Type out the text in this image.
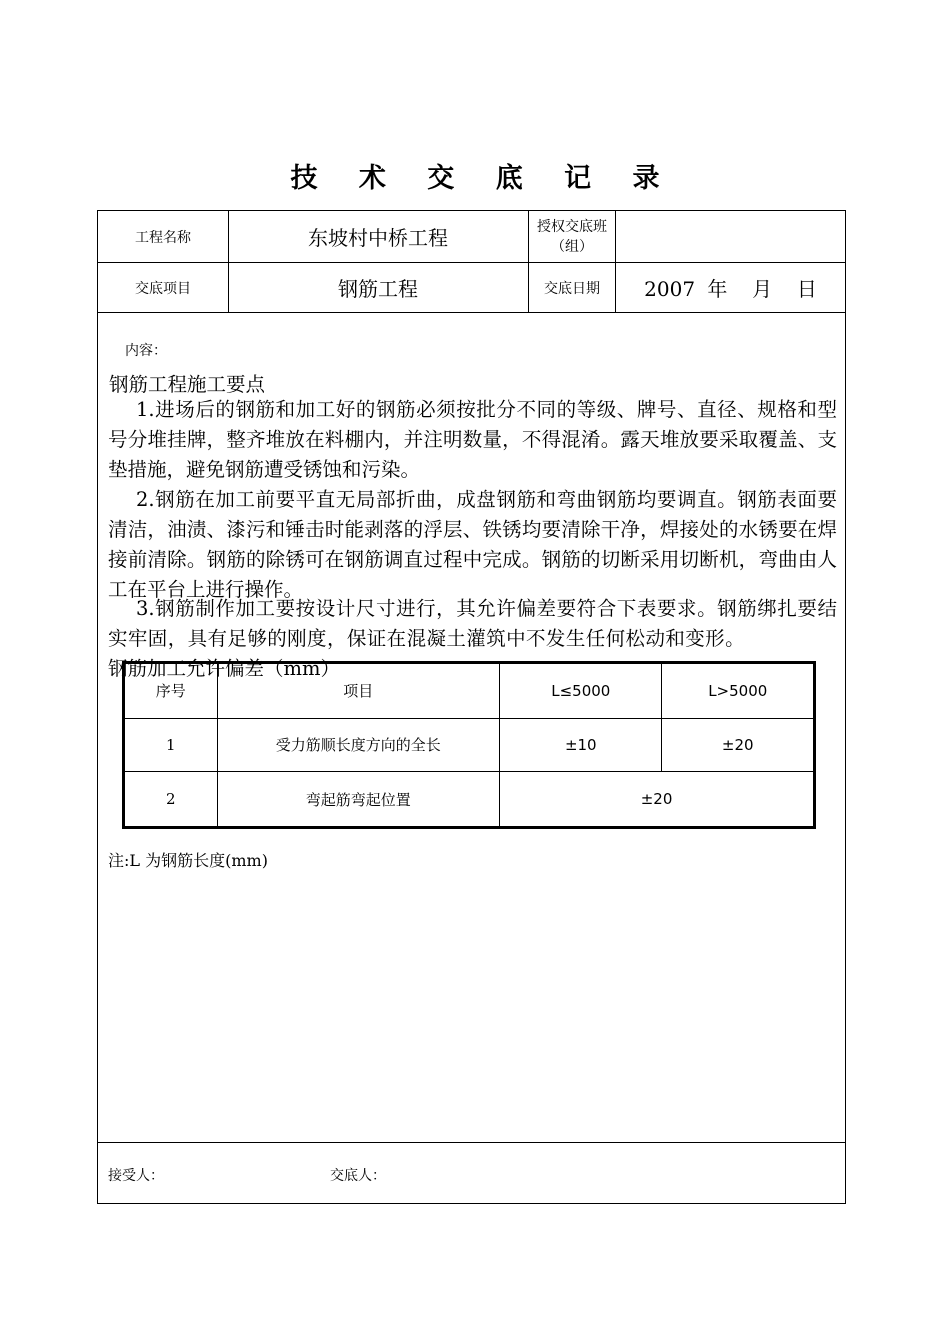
技 术 交 底 记 录
工程名称	东坡村中桥工程	授权交底班（组）
交底项目	钢筋工程	交底日期	2007 年  月  日
内容：
钢筋工程施工要点

1.进场后的钢筋和加工好的钢筋必须按批分不同的等级、牌号、直径、规格和型号分堆挂牌，整齐堆放在料棚内，并注明数量，不得混淆。露天堆放要采取覆盖、支垫措施，避免钢筋遭受锈蚀和污染。

2.钢筋在加工前要平直无局部折曲，成盘钢筋和弯曲钢筋均要调直。钢筋表面要清洁，油渍、漆污和锤击时能剥落的浮层、铁锈均要清除干净，焊接处的水锈要在焊接前清除。钢筋的除锈可在钢筋调直过程中完成。钢筋的切断采用切断机，弯曲由人工在平台上进行操作。

3.钢筋制作加工要按设计尺寸进行，其允许偏差要符合下表要求。钢筋绑扎要结实牢固，具有足够的刚度，保证在混凝土灌筑中不发生任何松动和变形。钢筋加工允许偏差（mm）

序号	项目	L≤5000	L>5000
1	受力筋顺长度方向的全长	±10	±20
2	弯起筋弯起位置	±20	
注:L 为钢筋长度(mm)
接受人：	交底人：
